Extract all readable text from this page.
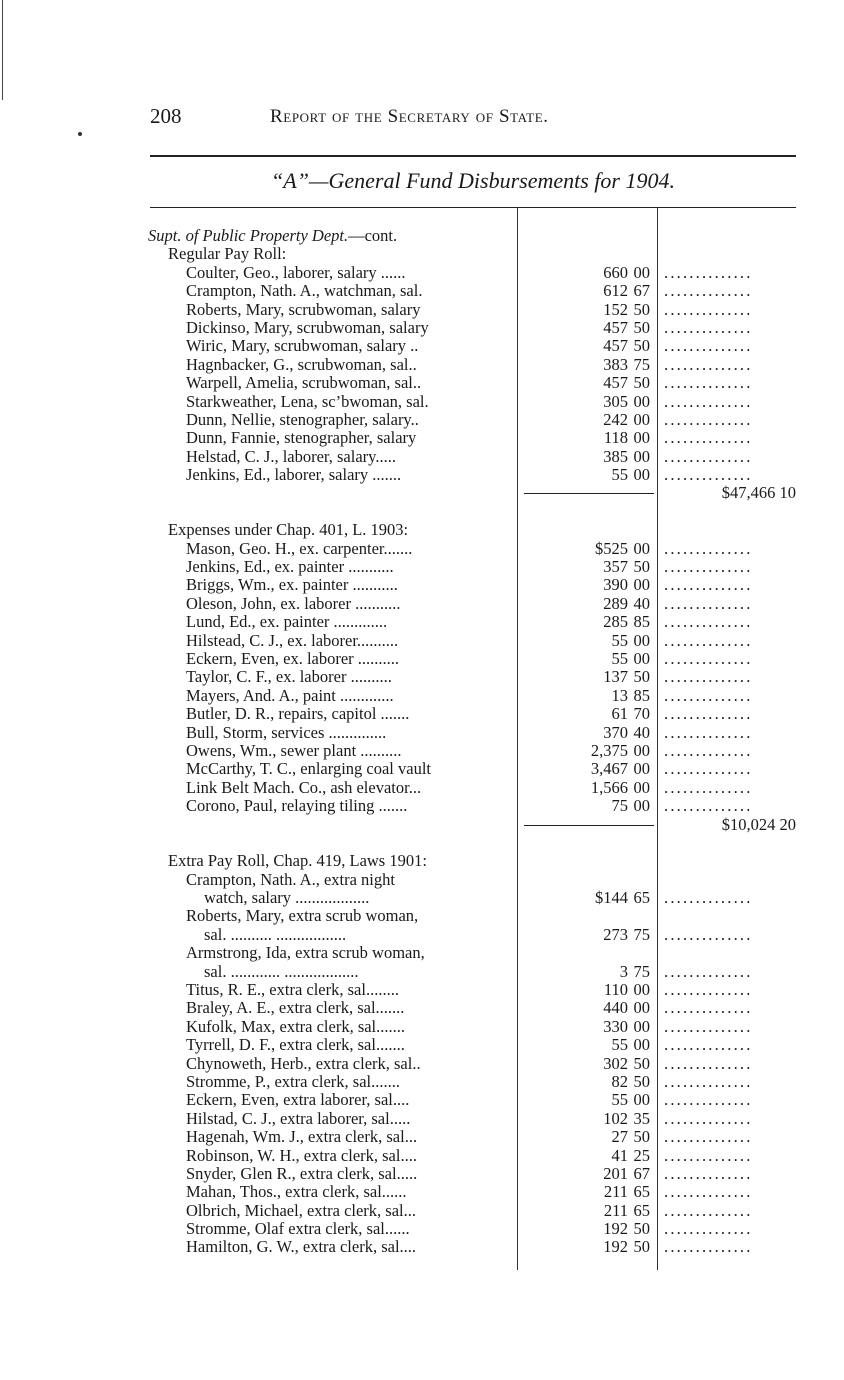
208	Report of the Secretary of State.
“A”—General Fund Disbursements for 1904.
Supt. of Public Property Dept.—cont.
Regular Pay Roll:
Coulter, Geo., laborer, salary ......	660 00 ..............
Crampton, Nath. A., watchman, sal.	612 67 ..............
Roberts, Mary, scrubwoman, salary	152 50 ..............
Dickinso, Mary, scrubwoman, salary	457 50 ..............
Wiric, Mary, scrubwoman, salary ..	457 50 ..............
Hagnbacker, G., scrubwoman, sal..	383 75 ..............
Warpell, Amelia, scrubwoman, sal..	457 50 ..............
Starkweather, Lena, sc’bwoman, sal.	305 00 ..............
Dunn, Nellie, stenographer, salary..	242 00 ..............
Dunn, Fannie, stenographer, salary	118 00 ..............
Helstad, C. J., laborer, salary.....	385 00 ..............
Jenkins, Ed., laborer, salary .......	55 00 ..............
$47,466 10
Expenses under Chap. 401, L. 1903:
Mason, Geo. H., ex. carpenter.......	$525 00 ..............
Jenkins, Ed., ex. painter ...........	357 50 ..............
Briggs, Wm., ex. painter ...........	390 00 ..............
Oleson, John, ex. laborer ...........	289 40 ..............
Lund, Ed., ex. painter .............	285 85 ..............
Hilstead, C. J., ex. laborer..........	55 00 ..............
Eckern, Even, ex. laborer ..........	55 00 ..............
Taylor, C. F., ex. laborer ..........	137 50 ..............
Mayers, And. A., paint .............	13 85 ..............
Butler, D. R., repairs, capitol .......	61 70 ..............
Bull, Storm, services ..............	370 40 ..............
Owens, Wm., sewer plant ..........	2,375 00 ..............
McCarthy, T. C., enlarging coal vault	3,467 00 ..............
Link Belt Mach. Co., ash elevator...	1,566 00 ..............
Corono, Paul, relaying tiling .......	75 00 ..............
$10,024 20
Extra Pay Roll, Chap. 419, Laws 1901:
Crampton, Nath. A., extra night
watch, salary ..................	$144 65 ..............
Roberts, Mary, extra scrub woman,
sal. .......... .................	273 75 ..............
Armstrong, Ida, extra scrub woman,
sal. ............ ..................	3 75 ..............
Titus, R. E., extra clerk, sal........	110 00 ..............
Braley, A. E., extra clerk, sal.......	440 00 ..............
Kufolk, Max, extra clerk, sal.......	330 00 ..............
Tyrrell, D. F., extra clerk, sal.......	55 00 ..............
Chynoweth, Herb., extra clerk, sal..	302 50 ..............
Stromme, P., extra clerk, sal.......	82 50 ..............
Eckern, Even, extra laborer, sal....	55 00 ..............
Hilstad, C. J., extra laborer, sal.....	102 35 ..............
Hagenah, Wm. J., extra clerk, sal...	27 50 ..............
Robinson, W. H., extra clerk, sal....	41 25 ..............
Snyder, Glen R., extra clerk, sal.....	201 67 ..............
Mahan, Thos., extra clerk, sal......	211 65 ..............
Olbrich, Michael, extra clerk, sal...	211 65 ..............
Stromme, Olaf extra clerk, sal......	192 50 ..............
Hamilton, G. W., extra clerk, sal....	192 50 ..............
